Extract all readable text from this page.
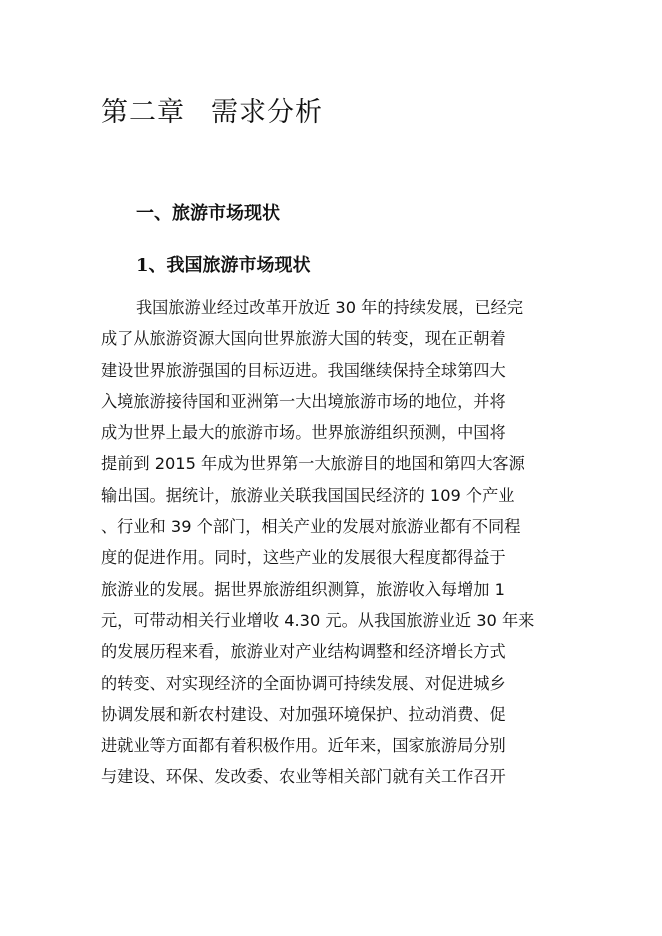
第二章 需求分析
一、旅游市场现状
1、我国旅游市场现状
我国旅游业经过改革开放近 30 年的持续发展，已经完
成了从旅游资源大国向世界旅游大国的转变，现在正朝着
建设世界旅游强国的目标迈进。我国继续保持全球第四大
入境旅游接待国和亚洲第一大出境旅游市场的地位，并将
成为世界上最大的旅游市场。世界旅游组织预测，中国将
提前到 2015 年成为世界第一大旅游目的地国和第四大客源
输出国。据统计，旅游业关联我国国民经济的 109 个产业
、行业和 39 个部门，相关产业的发展对旅游业都有不同程
度的促进作用。同时，这些产业的发展很大程度都得益于
旅游业的发展。据世界旅游组织测算，旅游收入每增加 1
元，可带动相关行业增收 4.30 元。从我国旅游业近 30 年来
的发展历程来看，旅游业对产业结构调整和经济增长方式
的转变、对实现经济的全面协调可持续发展、对促进城乡
协调发展和新农村建设、对加强环境保护、拉动消费、促
进就业等方面都有着积极作用。近年来，国家旅游局分别
与建设、环保、发改委、农业等相关部门就有关工作召开
